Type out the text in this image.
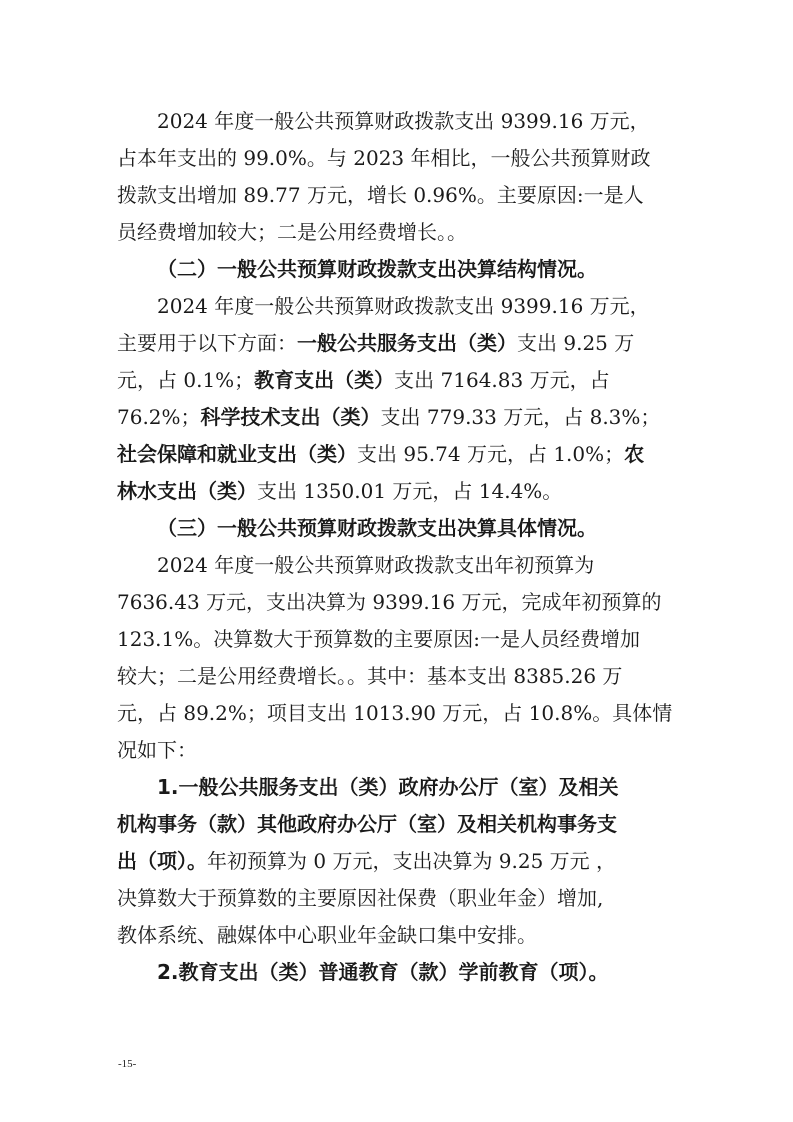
2024 年度一般公共预算财政拨款支出 9399.16 万元，
占本年支出的 99.0%。与 2023 年相比，一般公共预算财政
拨款支出增加 89.77 万元，增长 0.96%。主要原因:一是人
员经费增加较大；二是公用经费增长。。
（二）一般公共预算财政拨款支出决算结构情况。
2024 年度一般公共预算财政拨款支出 9399.16 万元，
主要用于以下方面：一般公共服务支出（类）支出 9.25 万
元，占 0.1%；教育支出（类）支出 7164.83 万元，占
76.2%；科学技术支出（类）支出 779.33 万元，占 8.3%；
社会保障和就业支出（类）支出 95.74 万元，占 1.0%；农
林水支出（类）支出 1350.01 万元，占 14.4%。
（三）一般公共预算财政拨款支出决算具体情况。
2024 年度一般公共预算财政拨款支出年初预算为
7636.43 万元，支出决算为 9399.16 万元，完成年初预算的
123.1%。决算数大于预算数的主要原因:一是人员经费增加
较大；二是公用经费增长。。其中：基本支出 8385.26 万
元，占 89.2%；项目支出 1013.90 万元，占 10.8%。具体情
况如下：
1.一般公共服务支出（类）政府办公厅（室）及相关
机构事务（款）其他政府办公厅（室）及相关机构事务支
出（项）。年初预算为 0 万元，支出决算为 9.25 万元 ，
决算数大于预算数的主要原因社保费（职业年金）增加,
教体系统、融媒体中心职业年金缺口集中安排。
2.教育支出（类）普通教育（款）学前教育（项）。
-15-
